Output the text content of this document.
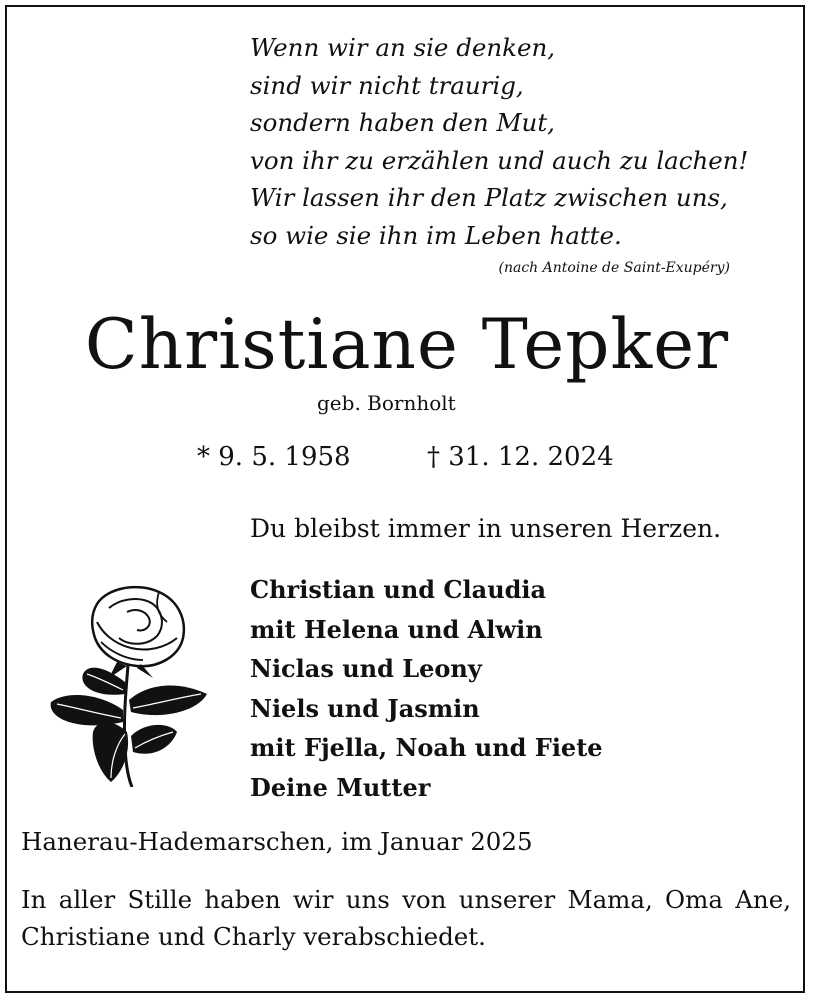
Wenn wir an sie denken,
sind wir nicht traurig,
sondern haben den Mut,
von ihr zu erzählen und auch zu lachen!
Wir lassen ihr den Platz zwischen uns,
so wie sie ihn im Leben hatte.
(nach Antoine de Saint-Exupéry)
Christiane Tepker
geb. Bornholt
* 9. 5. 1958	† 31. 12. 2024
Du bleibst immer in unseren Herzen.
Christian und Claudia
mit Helena und Alwin
Niclas und Leony
Niels und Jasmin
mit Fjella, Noah und Fiete
Deine Mutter
Hanerau-Hademarschen, im Januar 2025
In aller Stille haben wir uns von unserer Mama, Oma Ane, Christiane und Charly verabschiedet.
